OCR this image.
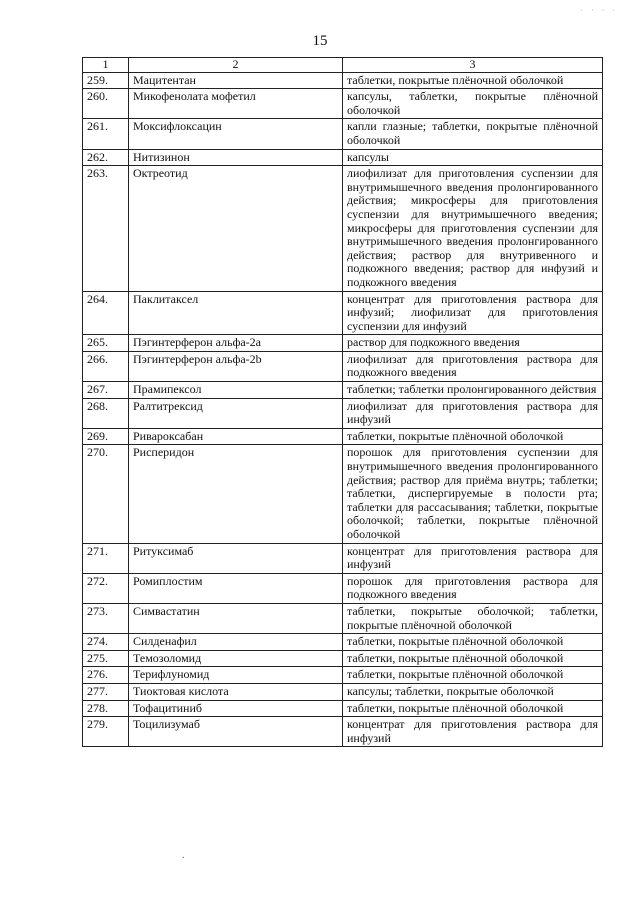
· · · ·
15
1	2	3
259.	Мацитентан	таблетки, покрытые плёночной оболочкой
260.	Микофенолата мофетил	капсулы, таблетки, покрытые плёночной оболочкой
261.	Моксифлоксацин	капли глазные; таблетки, покрытые плёночной оболочкой
262.	Нитизинон	капсулы
263.	Октреотид	лиофилизат для приготовления суспензии для внутримышечного введения пролонгированного действия; микросферы для приготовления суспензии для внутримышечного введения; микросферы для приготовления суспензии для внутримышечного введения пролонгированного действия; раствор для внутривенного и подкожного введения; раствор для инфузий и подкожного введения
264.	Паклитаксел	концентрат для приготовления раствора для инфузий; лиофилизат для приготовления суспензии для инфузий
265.	Пэгинтерферон альфа-2a	раствор для подкожного введения
266.	Пэгинтерферон альфа-2b	лиофилизат для приготовления раствора для подкожного введения
267.	Прамипексол	таблетки; таблетки пролонгированного действия
268.	Ралтитрексид	лиофилизат для приготовления раствора для инфузий
269.	Ривароксабан	таблетки, покрытые плёночной оболочкой
270.	Рисперидон	порошок для приготовления суспензии для внутримышечного введения пролонгированного действия; раствор для приёма внутрь; таблетки; таблетки, диспергируемые в полости рта; таблетки для рассасывания; таблетки, покрытые оболочкой; таблетки, покрытые плёночной оболочкой
271.	Ритуксимаб	концентрат для приготовления раствора для инфузий
272.	Ромиплостим	порошок для приготовления раствора для подкожного введения
273.	Симвастатин	таблетки, покрытые оболочкой; таблетки, покрытые плёночной оболочкой
274.	Силденафил	таблетки, покрытые плёночной оболочкой
275.	Темозоломид	таблетки, покрытые плёночной оболочкой
276.	Терифлуномид	таблетки, покрытые плёночной оболочкой
277.	Тиоктовая кислота	капсулы; таблетки, покрытые оболочкой
278.	Тофацитиниб	таблетки, покрытые плёночной оболочкой
279.	Тоцилизумаб	концентрат для приготовления раствора для инфузий
.
